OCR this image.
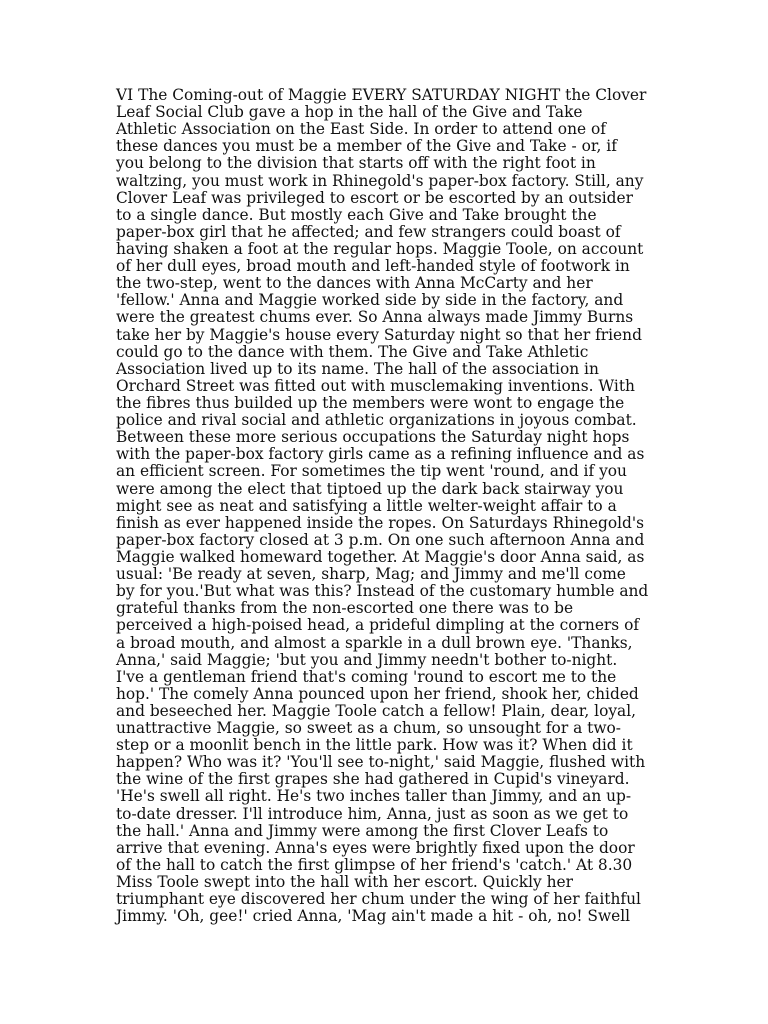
VI The Coming-out of Maggie EVERY SATURDAY NIGHT the Clover
Leaf Social Club gave a hop in the hall of the Give and Take
Athletic Association on the East Side. In order to attend one of
these dances you must be a member of the Give and Take - or, if
you belong to the division that starts off with the right foot in
waltzing, you must work in Rhinegold's paper-box factory. Still, any
Clover Leaf was privileged to escort or be escorted by an outsider
to a single dance. But mostly each Give and Take brought the
paper-box girl that he affected; and few strangers could boast of
having shaken a foot at the regular hops. Maggie Toole, on account
of her dull eyes, broad mouth and left-handed style of footwork in
the two-step, went to the dances with Anna McCarty and her
'fellow.' Anna and Maggie worked side by side in the factory, and
were the greatest chums ever. So Anna always made Jimmy Burns
take her by Maggie's house every Saturday night so that her friend
could go to the dance with them. The Give and Take Athletic
Association lived up to its name. The hall of the association in
Orchard Street was fitted out with musclemaking inventions. With
the fibres thus builded up the members were wont to engage the
police and rival social and athletic organizations in joyous combat.
Between these more serious occupations the Saturday night hops
with the paper-box factory girls came as a refining influence and as
an efficient screen. For sometimes the tip went 'round, and if you
were among the elect that tiptoed up the dark back stairway you
might see as neat and satisfying a little welter-weight affair to a
finish as ever happened inside the ropes. On Saturdays Rhinegold's
paper-box factory closed at 3 p.m. On one such afternoon Anna and
Maggie walked homeward together. At Maggie's door Anna said, as
usual: 'Be ready at seven, sharp, Mag; and Jimmy and me'll come
by for you.'But what was this? Instead of the customary humble and
grateful thanks from the non-escorted one there was to be
perceived a high-poised head, a prideful dimpling at the corners of
a broad mouth, and almost a sparkle in a dull brown eye. 'Thanks,
Anna,' said Maggie; 'but you and Jimmy needn't bother to-night.
I've a gentleman friend that's coming 'round to escort me to the
hop.' The comely Anna pounced upon her friend, shook her, chided
and beseeched her. Maggie Toole catch a fellow! Plain, dear, loyal,
unattractive Maggie, so sweet as a chum, so unsought for a two-
step or a moonlit bench in the little park. How was it? When did it
happen? Who was it? 'You'll see to-night,' said Maggie, flushed with
the wine of the first grapes she had gathered in Cupid's vineyard.
'He's swell all right. He's two inches taller than Jimmy, and an up-
to-date dresser. I'll introduce him, Anna, just as soon as we get to
the hall.' Anna and Jimmy were among the first Clover Leafs to
arrive that evening. Anna's eyes were brightly fixed upon the door
of the hall to catch the first glimpse of her friend's 'catch.' At 8.30
Miss Toole swept into the hall with her escort. Quickly her
triumphant eye discovered her chum under the wing of her faithful
Jimmy. 'Oh, gee!' cried Anna, 'Mag ain't made a hit - oh, no! Swell
